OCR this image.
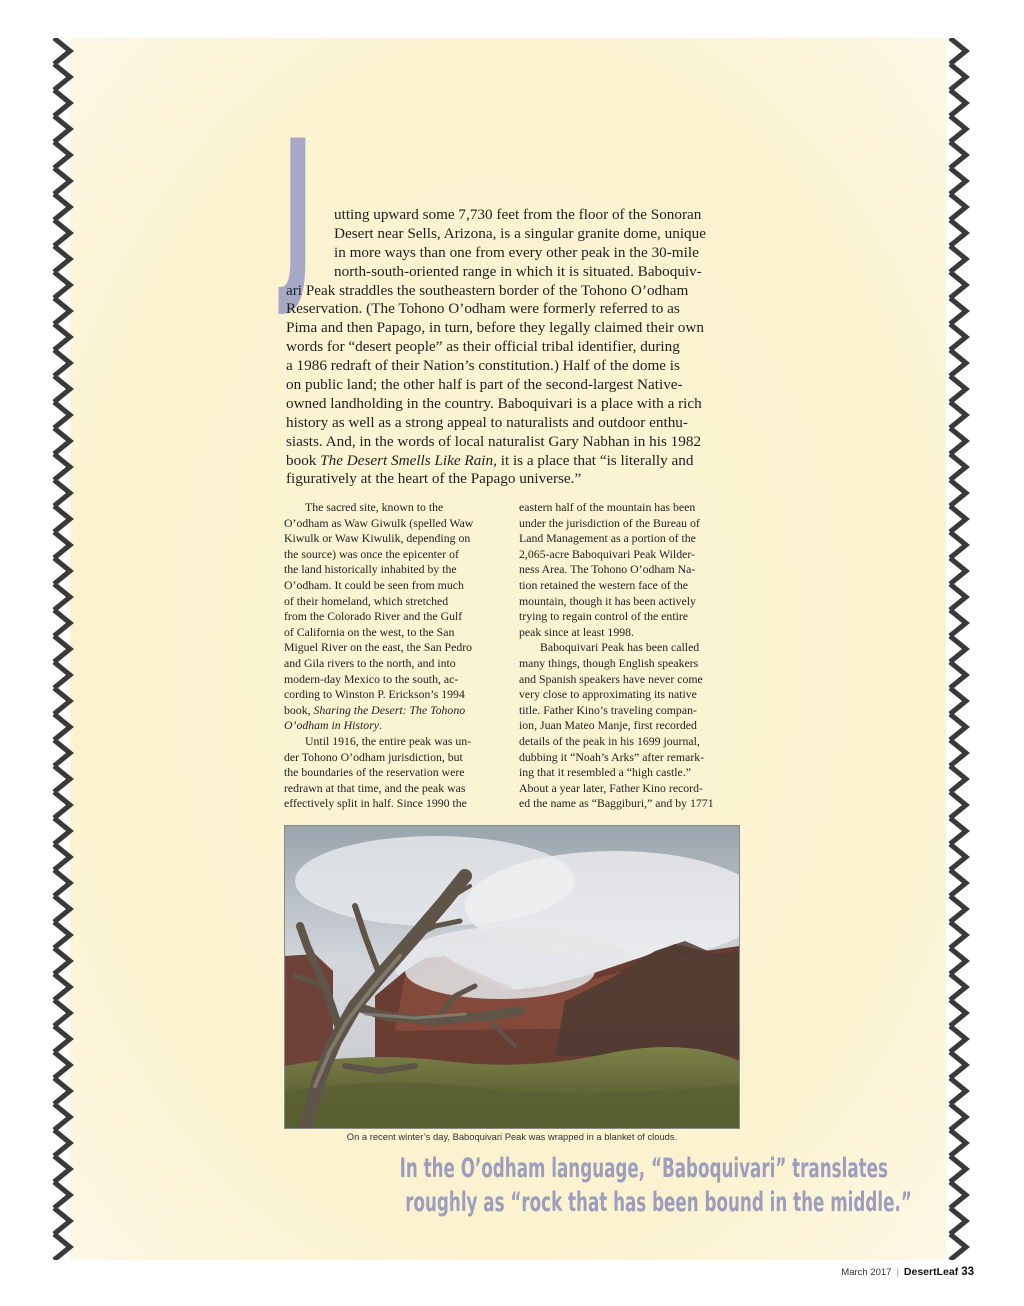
J	utting upward some 7,730 feet from the floor of the Sonoran
Desert near Sells, Arizona, is a singular granite dome, unique
in more ways than one from every other peak in the 30-mile
north-south-oriented range in which it is situated. Baboquiv-
ari Peak straddles the southeastern border of the Tohono O’odham
Reservation. (The Tohono O’odham were formerly referred to as
Pima and then Papago, in turn, before they legally claimed their own
words for “desert people” as their official tribal identifier, during
a 1986 redraft of their Nation’s constitution.) Half of the dome is
on public land; the other half is part of the second-largest Native-
owned landholding in the country. Baboquivari is a place with a rich
history as well as a strong appeal to naturalists and outdoor enthu-
siasts. And, in the words of local naturalist Gary Nabhan in his 1982
book The Desert Smells Like Rain, it is a place that “is literally and
figuratively at the heart of the Papago universe.”
The sacred site, known to the
O’odham as Waw Giwulk (spelled Waw
Kiwulk or Waw Kiwulik, depending on
the source) was once the epicenter of
the land historically inhabited by the
O’odham. It could be seen from much
of their homeland, which stretched
from the Colorado River and the Gulf
of California on the west, to the San
Miguel River on the east, the San Pedro
and Gila rivers to the north, and into
modern-day Mexico to the south, ac-
cording to Winston P. Erickson’s 1994
book, Sharing the Desert: The Tohono
O’odham in History.
Until 1916, the entire peak was un-
der Tohono O’odham jurisdiction, but
the boundaries of the reservation were
redrawn at that time, and the peak was
effectively split in half. Since 1990 the
eastern half of the mountain has been
under the jurisdiction of the Bureau of
Land Management as a portion of the
2,065-acre Baboquivari Peak Wilder-
ness Area. The Tohono O’odham Na-
tion retained the western face of the
mountain, though it has been actively
trying to regain control of the entire
peak since at least 1998.
Baboquivari Peak has been called
many things, though English speakers
and Spanish speakers have never come
very close to approximating its native
title. Father Kino’s traveling compan-
ion, Juan Mateo Manje, first recorded
details of the peak in his 1699 journal,
dubbing it “Noah’s Arks” after remark-
ing that it resembled a “high castle.”
About a year later, Father Kino record-
ed the name as “Baggiburi,” and by 1771
On a recent winter’s day, Baboquivari Peak was wrapped in a blanket of clouds.
In the O’odham language, “Baboquivari” translates
roughly as “rock that has been bound in the middle.”
March 2017 | DesertLeaf 33
